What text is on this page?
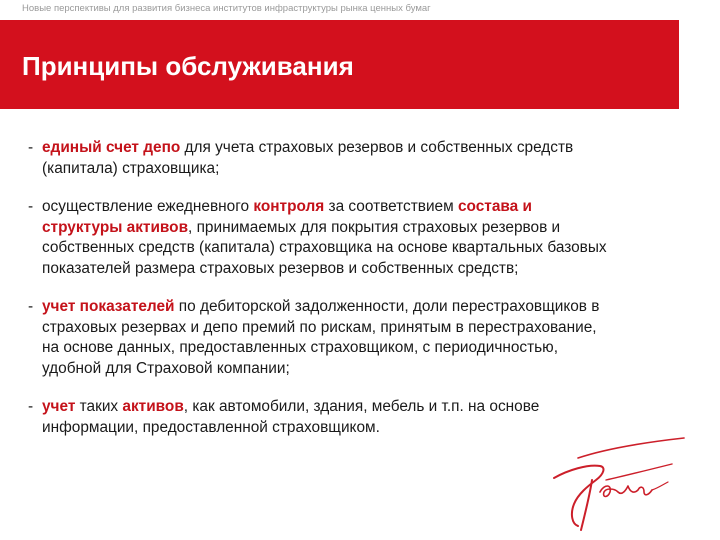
Новые перспективы для развития бизнеса институтов инфраструктуры рынка ценных бумаг
Принципы обслуживания
- единый счет депо для учета страховых резервов и собственных средств
(капитала) страховщика;

- осуществление ежедневного контроля за соответствием состава и
структуры активов, принимаемых для покрытия страховых резервов и
собственных средств (капитала) страховщика на основе квартальных базовых
показателей размера страховых резервов и собственных средств;

- учет показателей по дебиторской задолженности, доли перестраховщиков в
страховых резервах и депо премий по рискам, принятым в перестрахование,
на основе данных, предоставленных страховщиком, с периодичностью,
удобной для Страховой компании;

- учет таких активов, как автомобили, здания, мебель и т.п. на основе
информации, предоставленной страховщиком.
